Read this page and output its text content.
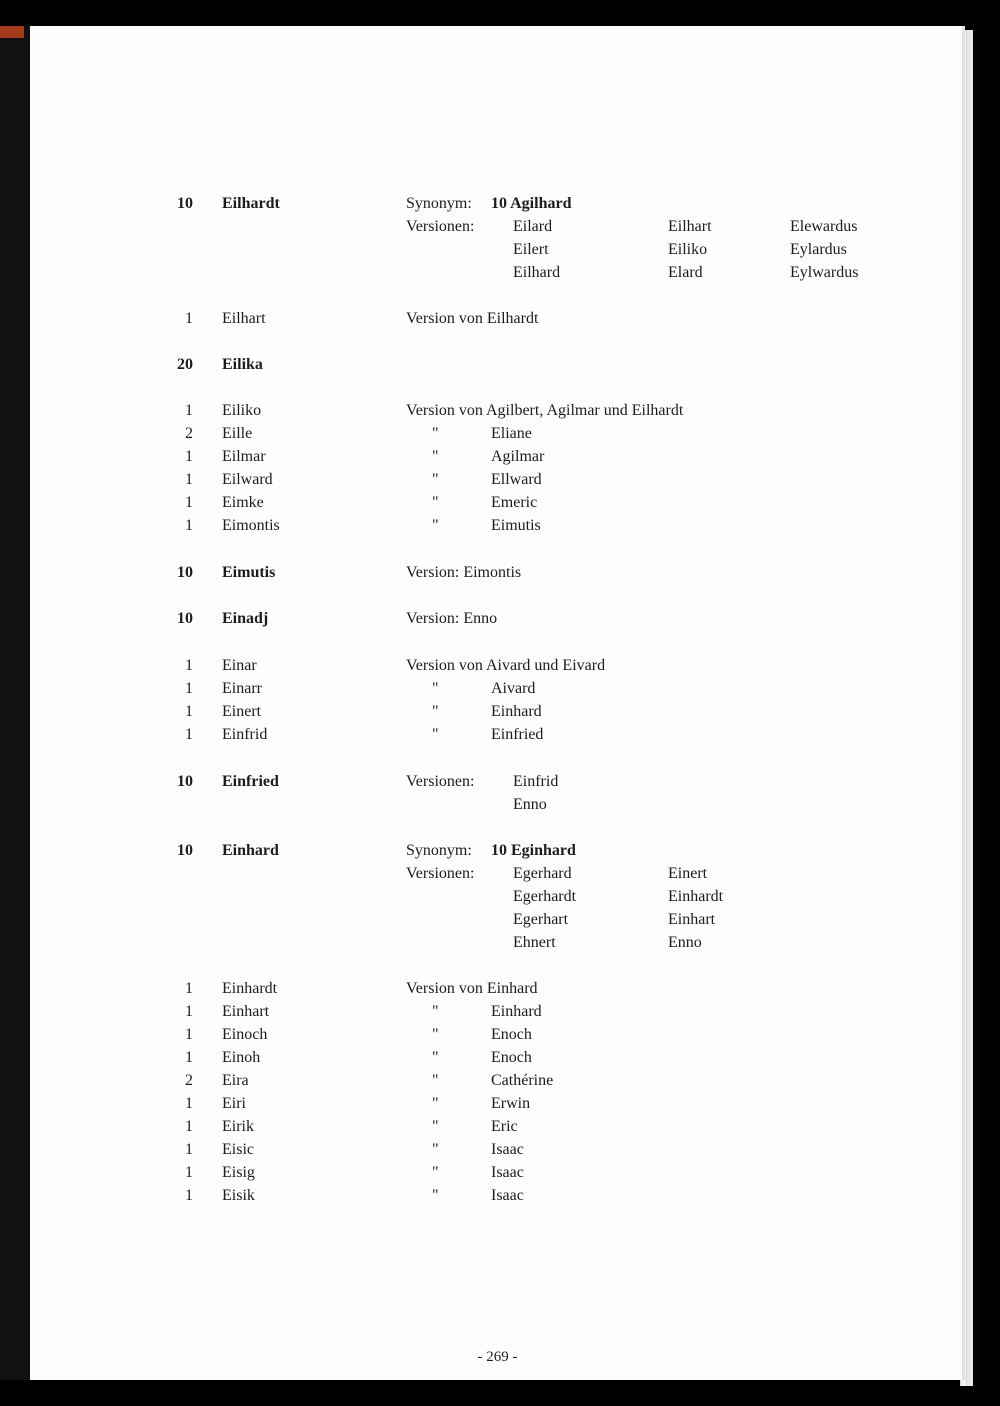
10 Eilhardt	Synonym: 10 Agilhard
Versionen: Eilard	Eilhart	Elewardus
Eilert	Eiliko	Eylardus
Eilhard	Elard	Eylwardus
1 Eilhart	Version von Eilhardt
20 Eilika
1 Eiliko	Version von Agilbert, Agilmar und Eilhardt
2 Eille	"	Eliane
1 Eilmar	"	Agilmar
1 Eilward	"	Ellward
1 Eimke	"	Emeric
1 Eimontis	"	Eimutis
10 Eimutis	Version: Eimontis
10 Einadj	Version: Enno
1 Einar	Version von Aivard und Eivard
1 Einarr	"	Aivard
1 Einert	"	Einhard
1 Einfrid	"	Einfried
10 Einfried	Versionen: Einfrid
Enno
10 Einhard	Synonym: 10 Eginhard
Versionen: Egerhard	Einert
Egerhardt	Einhardt
Egerhart	Einhart
Ehnert	Enno
1 Einhardt	Version von Einhard
1 Einhart	"	Einhard
1 Einoch	"	Enoch
1 Einoh	"	Enoch
2 Eira	"	Cathérine
1 Eiri	"	Erwin
1 Eirik	"	Eric
1 Eisic	"	Isaac
1 Eisig	"	Isaac
1 Eisik	"	Isaac
- 269 -
